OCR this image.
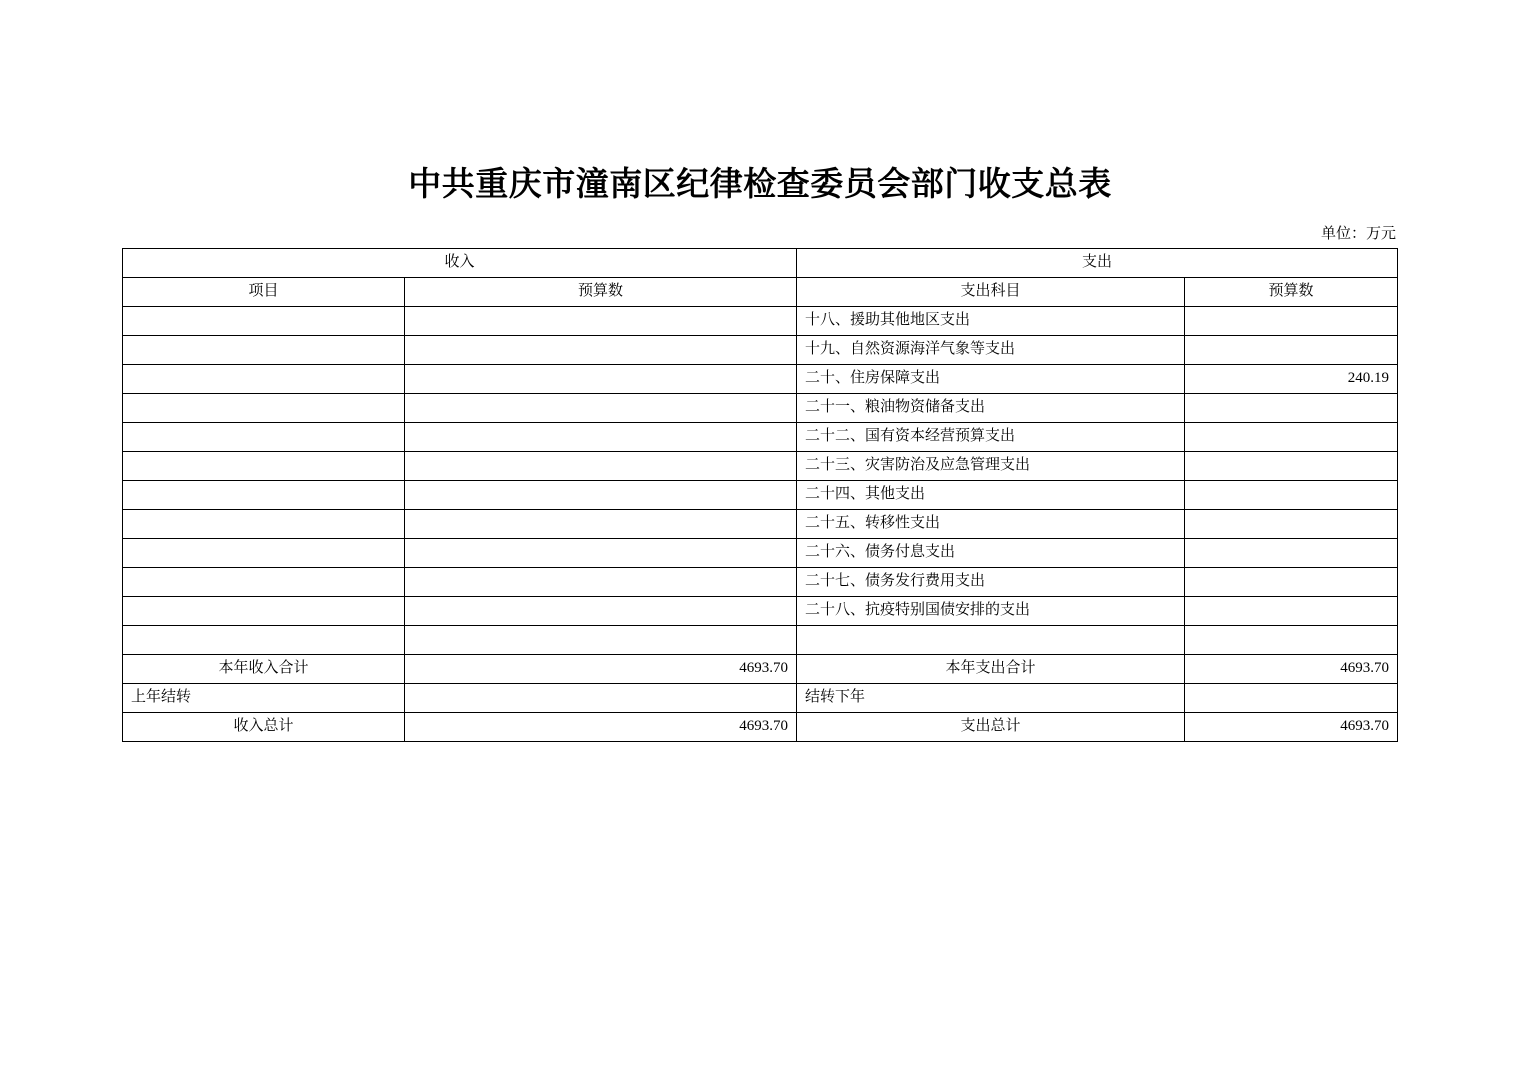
中共重庆市潼南区纪律检查委员会部门收支总表
单位：万元
收入		支出	
项目	预算数	支出科目	预算数
		十八、援助其他地区支出	
		十九、自然资源海洋气象等支出	
		二十、住房保障支出	240.19
		二十一、粮油物资储备支出	
		二十二、国有资本经营预算支出	
		二十三、灾害防治及应急管理支出	
		二十四、其他支出	
		二十五、转移性支出	
		二十六、债务付息支出	
		二十七、债务发行费用支出	
		二十八、抗疫特别国债安排的支出	

本年收入合计	4693.70	本年支出合计	4693.70
上年结转		结转下年	
收入总计	4693.70	支出总计	4693.70
